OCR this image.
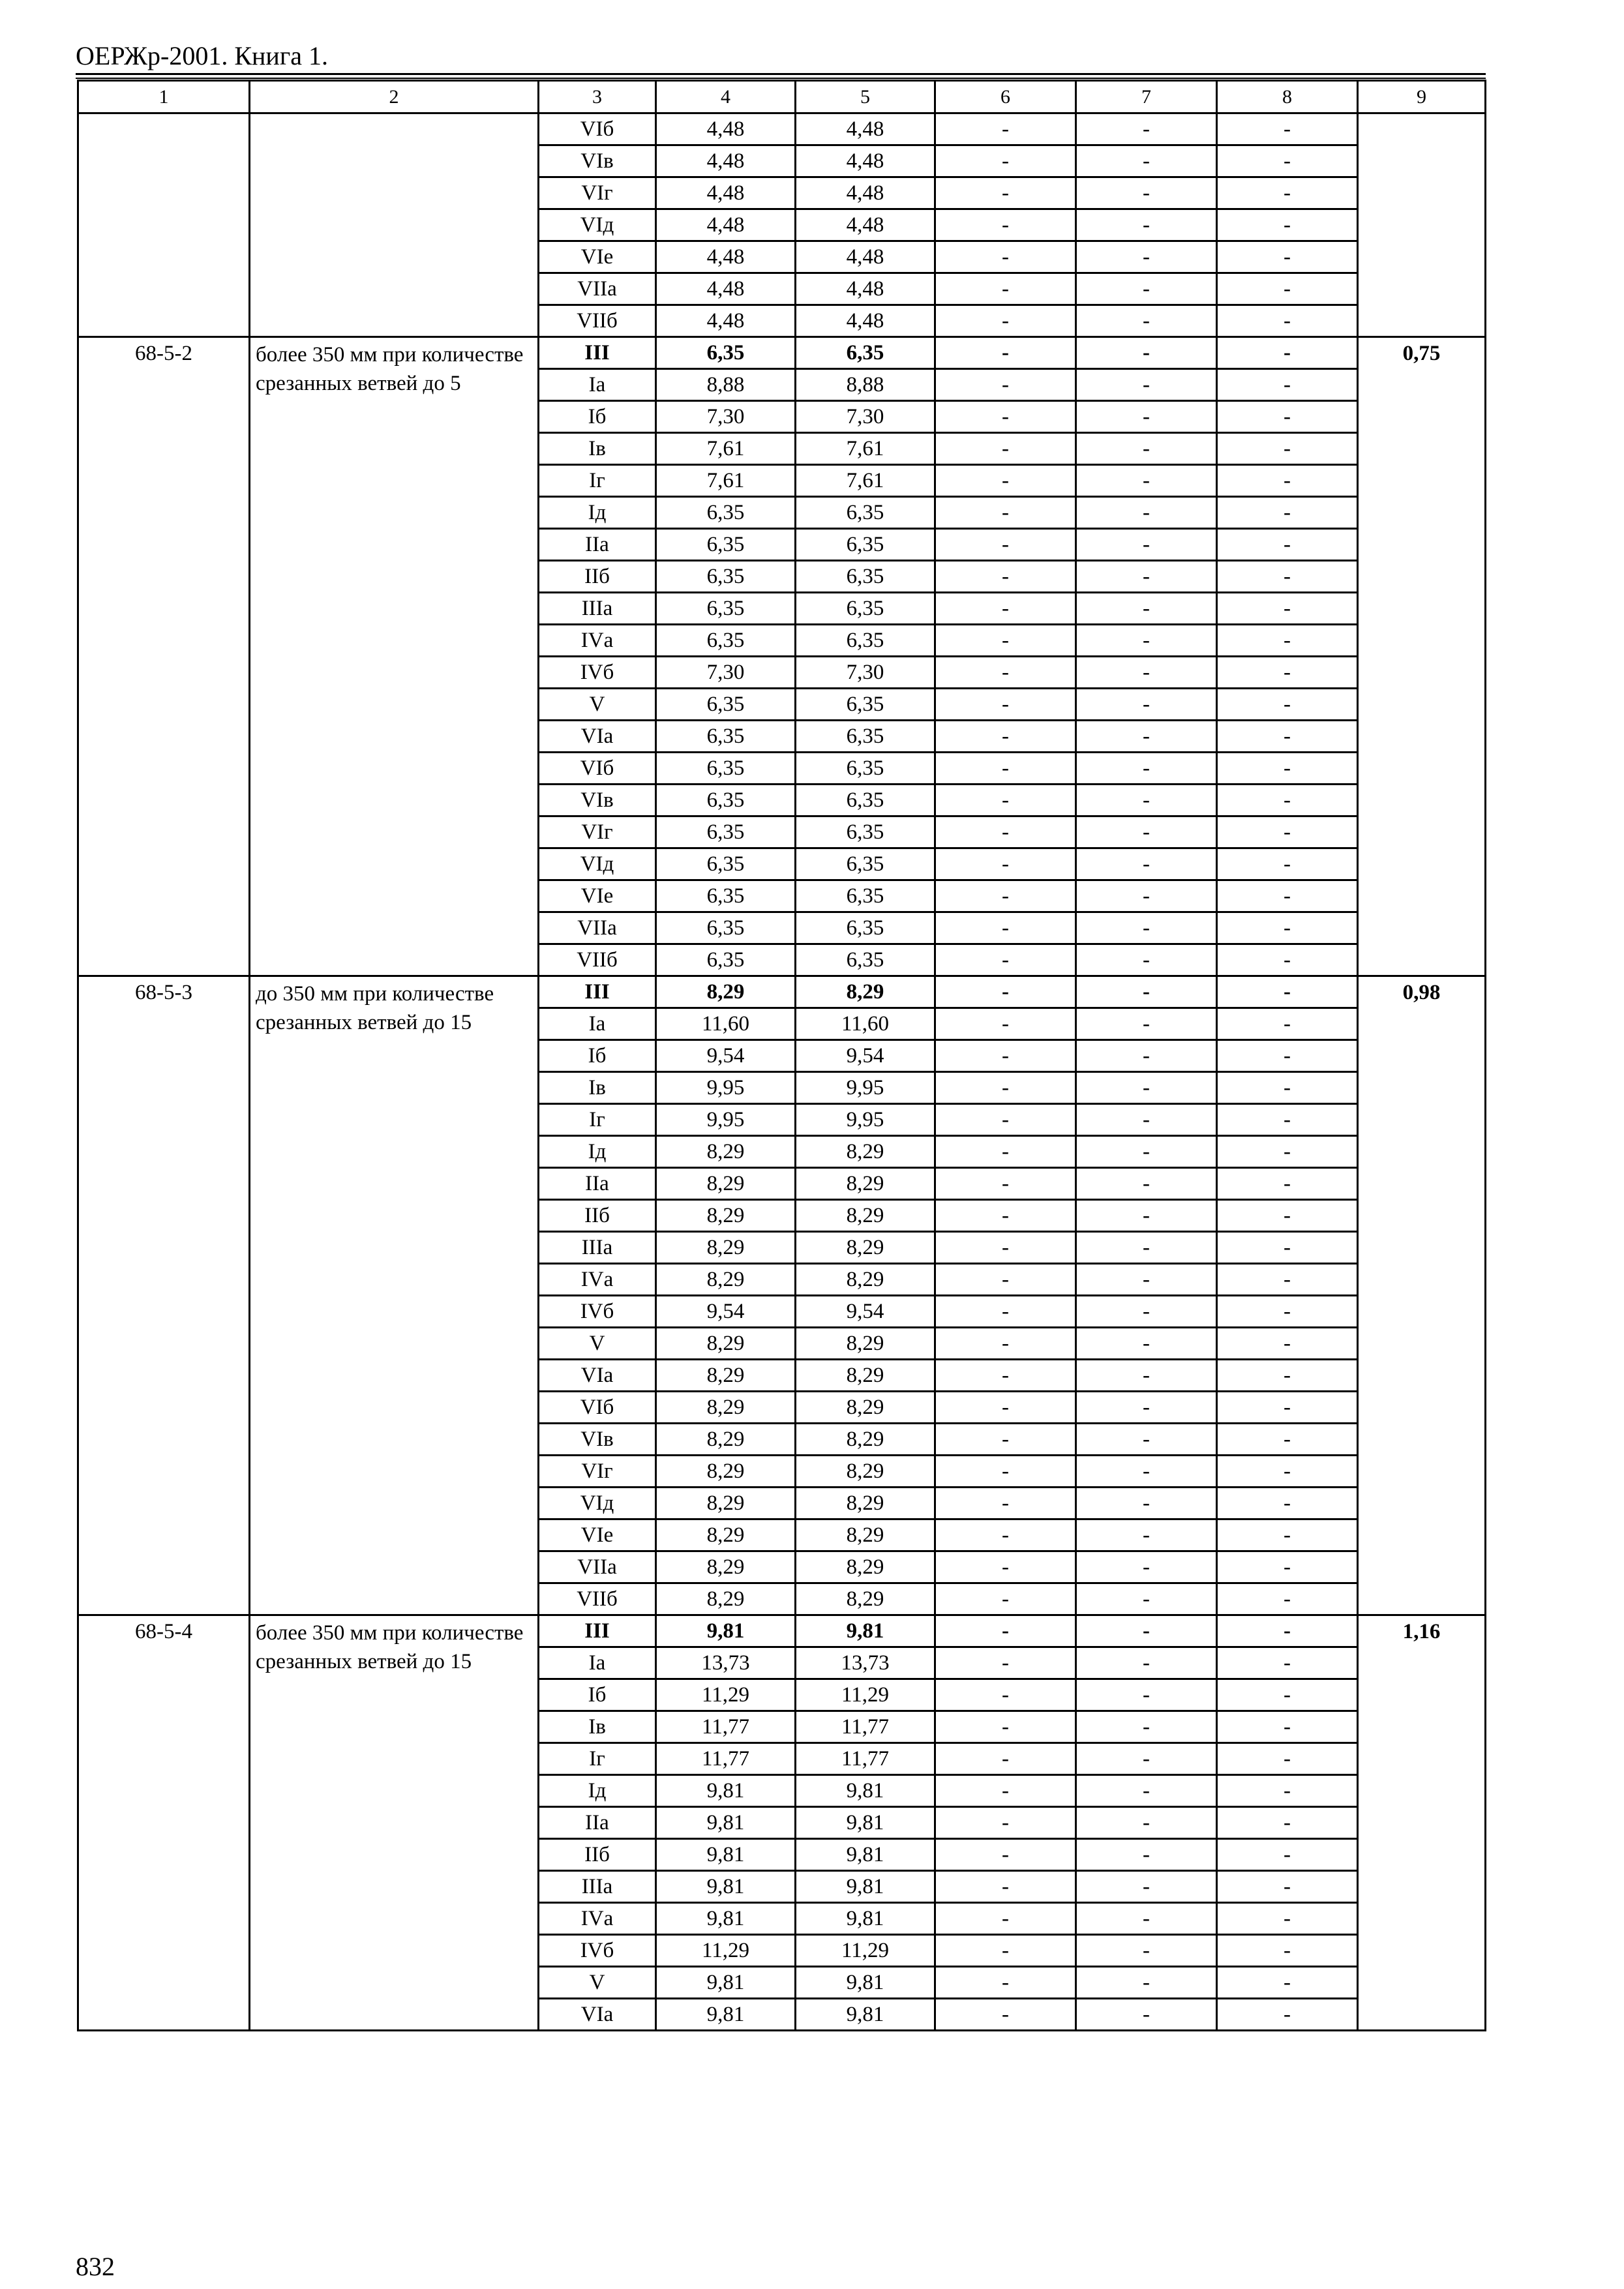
ОЕРЖр-2001. Книга 1.
1	2	3	4	5	6	7	8	9
		VIб	4,48	4,48	-	-	-	
		VIв	4,48	4,48	-	-	-	
		VIг	4,48	4,48	-	-	-	
		VIд	4,48	4,48	-	-	-	
		VIе	4,48	4,48	-	-	-	
		VIIа	4,48	4,48	-	-	-	
		VIIб	4,48	4,48	-	-	-	
68-5-2	более 350 мм при количестве срезанных ветвей до 5	III	6,35	6,35	-	-	-	0,75
		Iа	8,88	8,88	-	-	-	
		Iб	7,30	7,30	-	-	-	
		Iв	7,61	7,61	-	-	-	
		Iг	7,61	7,61	-	-	-	
		Iд	6,35	6,35	-	-	-	
		IIа	6,35	6,35	-	-	-	
		IIб	6,35	6,35	-	-	-	
		IIIа	6,35	6,35	-	-	-	
		IVа	6,35	6,35	-	-	-	
		IVб	7,30	7,30	-	-	-	
		V	6,35	6,35	-	-	-	
		VIа	6,35	6,35	-	-	-	
		VIб	6,35	6,35	-	-	-	
		VIв	6,35	6,35	-	-	-	
		VIг	6,35	6,35	-	-	-	
		VIд	6,35	6,35	-	-	-	
		VIе	6,35	6,35	-	-	-	
		VIIа	6,35	6,35	-	-	-	
		VIIб	6,35	6,35	-	-	-	
68-5-3	до 350 мм при количестве срезанных ветвей до 15	III	8,29	8,29	-	-	-	0,98
		Iа	11,60	11,60	-	-	-	
		Iб	9,54	9,54	-	-	-	
		Iв	9,95	9,95	-	-	-	
		Iг	9,95	9,95	-	-	-	
		Iд	8,29	8,29	-	-	-	
		IIа	8,29	8,29	-	-	-	
		IIб	8,29	8,29	-	-	-	
		IIIа	8,29	8,29	-	-	-	
		IVа	8,29	8,29	-	-	-	
		IVб	9,54	9,54	-	-	-	
		V	8,29	8,29	-	-	-	
		VIа	8,29	8,29	-	-	-	
		VIб	8,29	8,29	-	-	-	
		VIв	8,29	8,29	-	-	-	
		VIг	8,29	8,29	-	-	-	
		VIд	8,29	8,29	-	-	-	
		VIе	8,29	8,29	-	-	-	
		VIIа	8,29	8,29	-	-	-	
		VIIб	8,29	8,29	-	-	-	
68-5-4	более 350 мм при количестве срезанных ветвей до 15	III	9,81	9,81	-	-	-	1,16
		Iа	13,73	13,73	-	-	-	
		Iб	11,29	11,29	-	-	-	
		Iв	11,77	11,77	-	-	-	
		Iг	11,77	11,77	-	-	-	
		Iд	9,81	9,81	-	-	-	
		IIа	9,81	9,81	-	-	-	
		IIб	9,81	9,81	-	-	-	
		IIIа	9,81	9,81	-	-	-	
		IVа	9,81	9,81	-	-	-	
		IVб	11,29	11,29	-	-	-	
		V	9,81	9,81	-	-	-	
		VIа	9,81	9,81	-	-	-	
832
